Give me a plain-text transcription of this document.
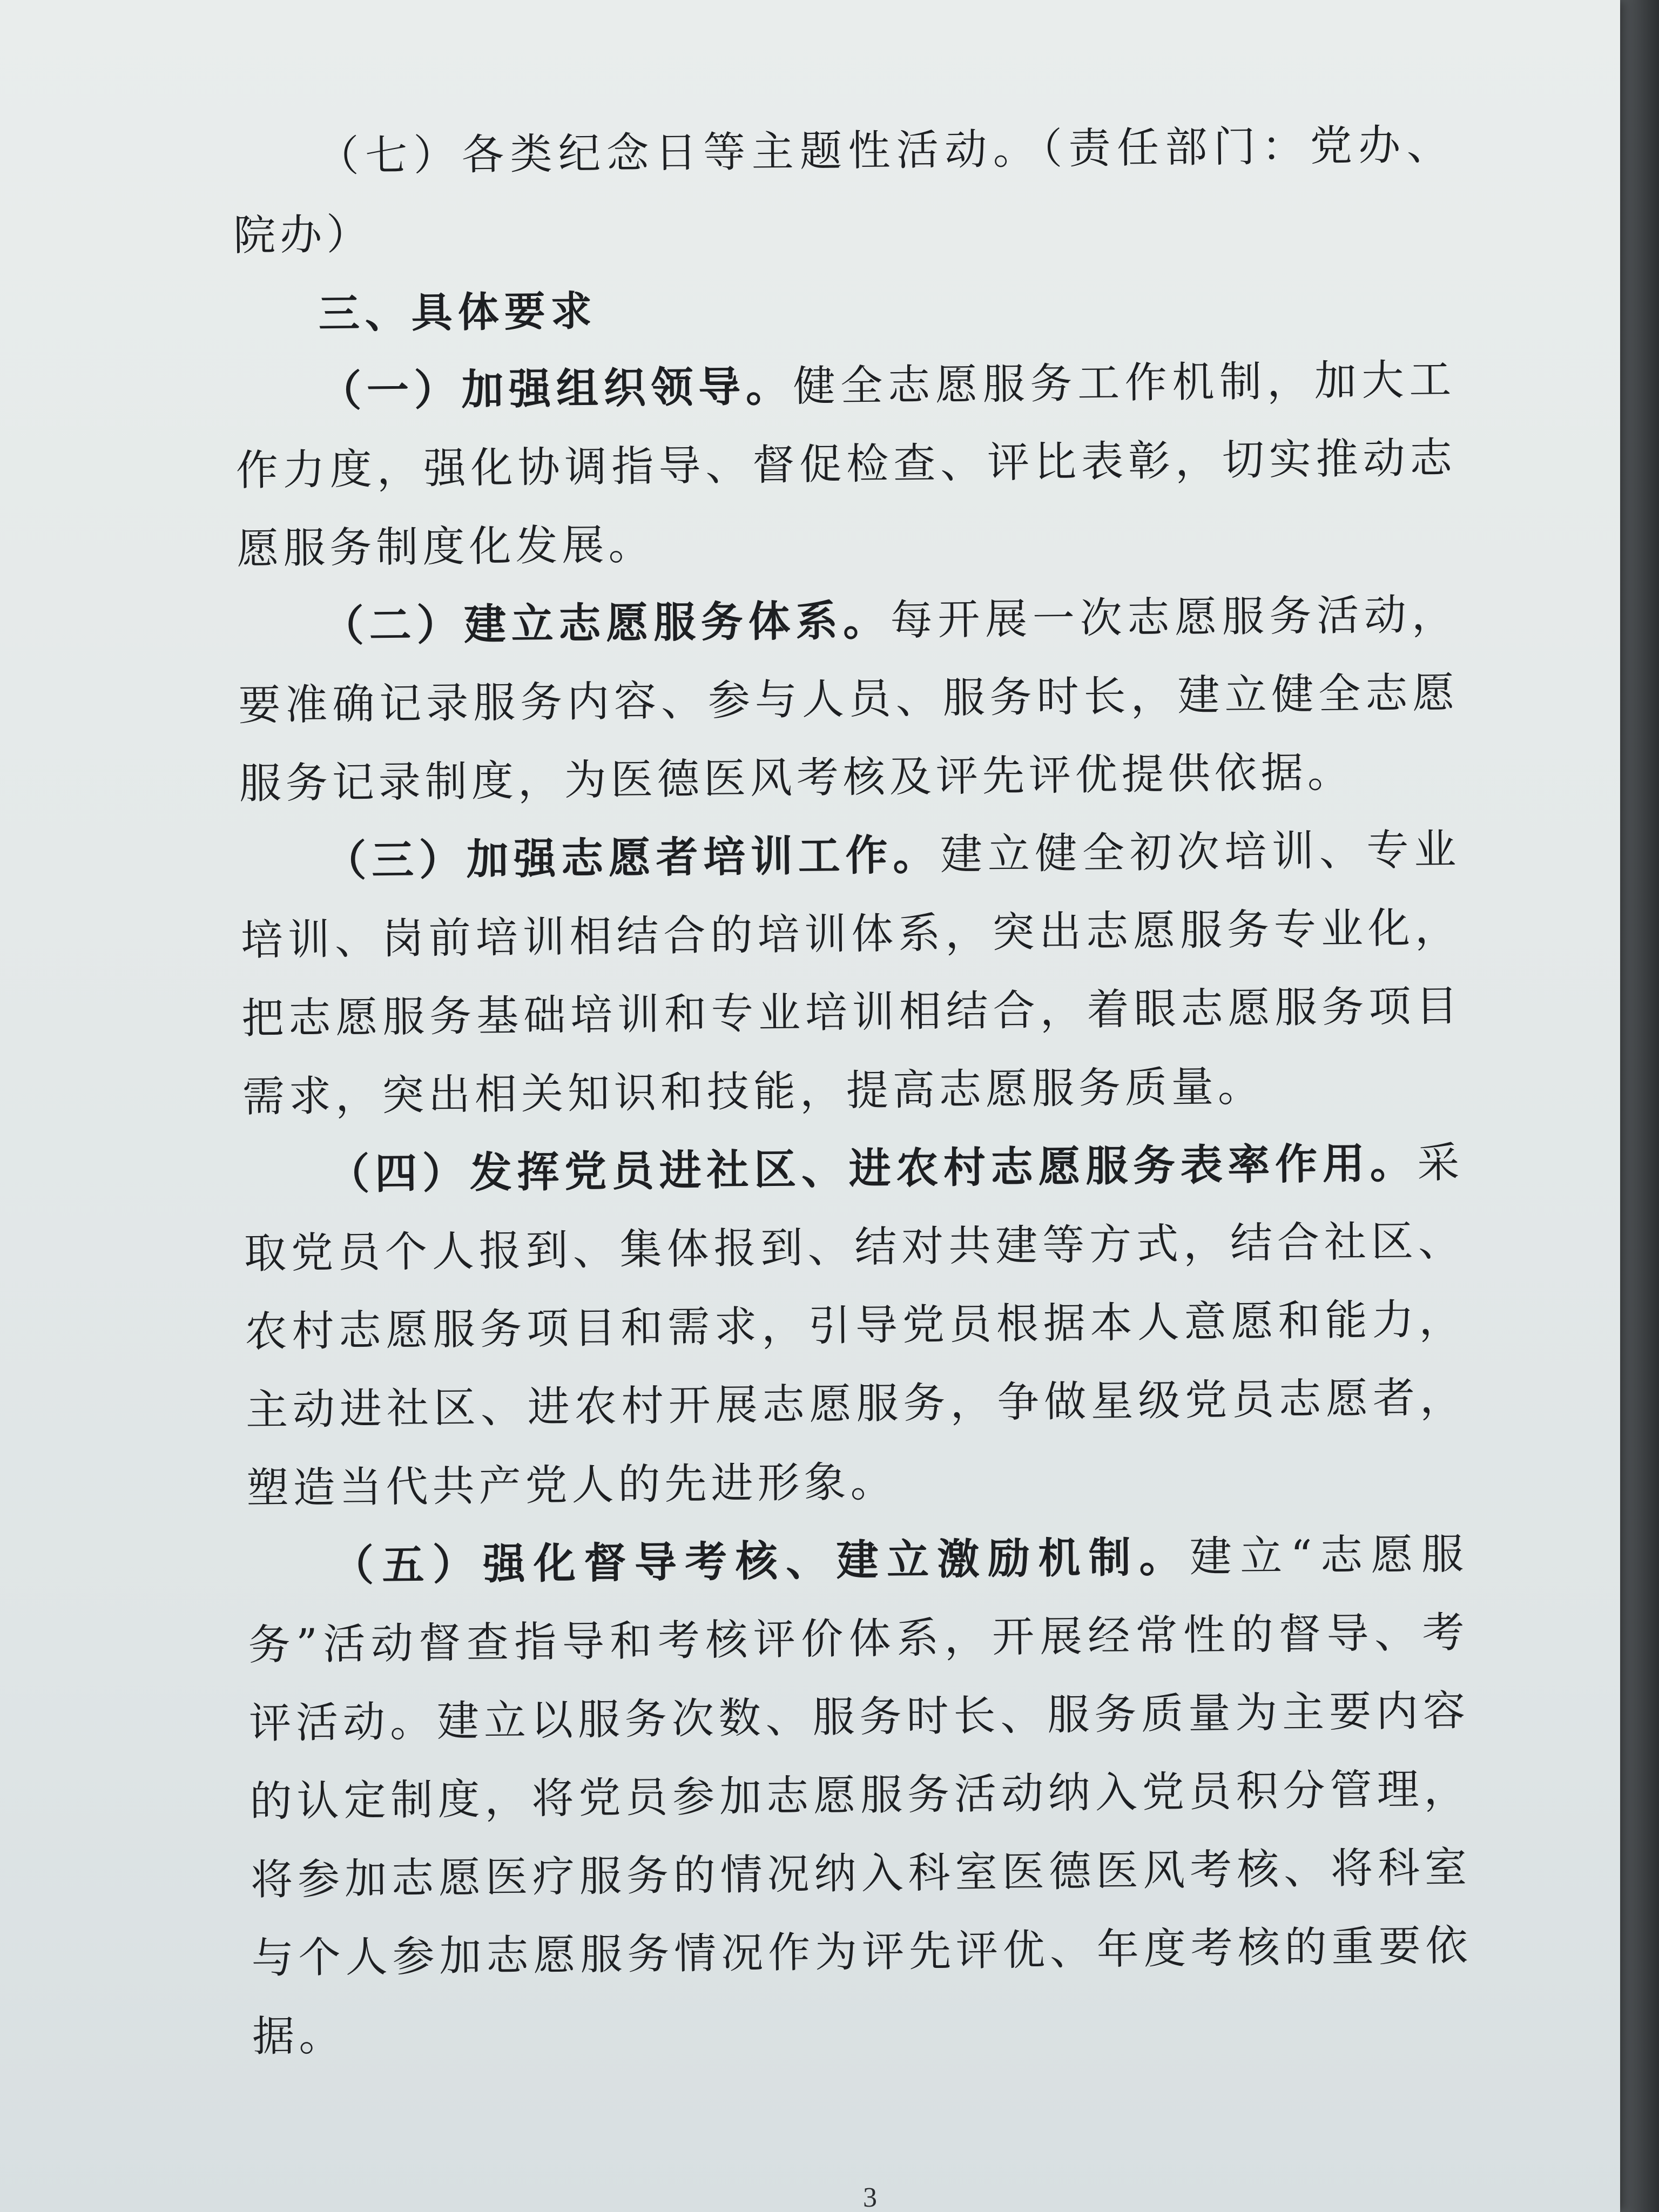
（七）各类纪念日等主题性活动。（责任部门：党办、院办）

三、具体要求

（一）加强组织领导。健全志愿服务工作机制，加大工作力度，强化协调指导、督促检查、评比表彰，切实推动志愿服务制度化发展。

（二）建立志愿服务体系。每开展一次志愿服务活动，要准确记录服务内容、参与人员、服务时长，建立健全志愿服务记录制度，为医德医风考核及评先评优提供依据。

（三）加强志愿者培训工作。建立健全初次培训、专业培训、岗前培训相结合的培训体系，突出志愿服务专业化，把志愿服务基础培训和专业培训相结合，着眼志愿服务项目需求，突出相关知识和技能，提高志愿服务质量。

（四）发挥党员进社区、进农村志愿服务表率作用。采取党员个人报到、集体报到、结对共建等方式，结合社区、农村志愿服务项目和需求，引导党员根据本人意愿和能力，主动进社区、进农村开展志愿服务，争做星级党员志愿者，塑造当代共产党人的先进形象。

（五）强化督导考核、建立激励机制。建立“志愿服务”活动督查指导和考核评价体系，开展经常性的督导、考评活动。建立以服务次数、服务时长、服务质量为主要内容的认定制度，将党员参加志愿服务活动纳入党员积分管理，将参加志愿医疗服务的情况纳入科室医德医风考核、将科室与个人参加志愿服务情况作为评先评优、年度考核的重要依据。

3
